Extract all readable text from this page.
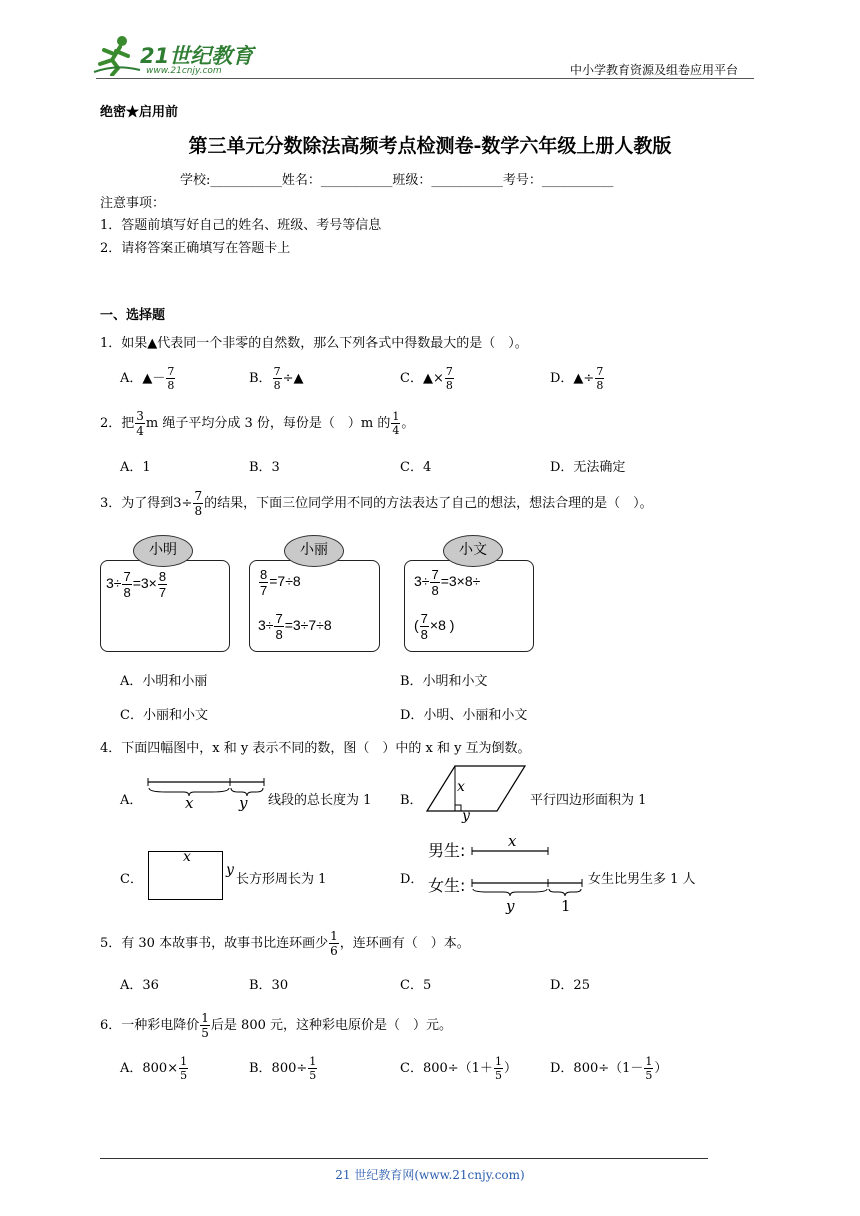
21世纪教育
www.21cnjy.com	中小学教育资源及组卷应用平台
绝密★启用前
第三单元分数除法高频考点检测卷-数学六年级上册人教版
学校:___________姓名：___________班级：___________考号：___________
注意事项：
1．答题前填写好自己的姓名、班级、考号等信息
2．请将答案正确填写在答题卡上
一、选择题
1．如果▲代表同一个非零的自然数，那么下列各式中得数最大的是（　）。
A．▲－ $\frac{7}{8}$	B． $\frac{7}{8}$ ÷▲	C．▲× $\frac{7}{8}$	D．▲÷ $\frac{7}{8}$
2．把 $\frac{3}{4}$ m 绳子平均分成 3 份，每份是（　）m 的 $\frac{1}{4}$ 。
A．1	B．3	C．4	D．无法确定
3．为了得到$3\div \frac{7}{8}$ 的结果，下面三位同学用不同的方法表达了自己的想法，想法合理的是（　）。
小明
$3\div \frac{7}{8} =3\times \frac{8}{7}$
小丽
$\frac{8}{7} =7\div 8$
$3\div \frac{7}{8} =3\div 7\div 8$
小文
$3\div \frac{7}{8} =3\times 8\div$
( $\frac{7}{8} \times 8$ )
A．小明和小丽	B．小明和小文
C．小丽和小文	D．小明、小丽和小文
4．下面四幅图中，x 和 y 表示不同的数，图（　）中的 x 和 y 互为倒数。
A．	x	y 线段的总长度为 1 B．
x
y
平行四边形面积为 1
C．
x
y
长方形周长为 1	D．
男生:
女生:
x
y	1
女生比男生多 1 人
5．有 30 本故事书，故事书比连环画少 $\frac{1}{6}$ ，连环画有（　）本。
A．36	B．30	C．5	D．25
6．一种彩电降价 $\frac{1}{5}$ 后是 800 元，这种彩电原价是（　）元。
A．$800\times \frac{1}{5}$	B．$800\div \frac{1}{5}$	C．$800\div(1+ \frac{1}{5}$ ）	D．$800\div(1- \frac{1}{5}$ ）
21 世纪教育网(www.21cnjy.com)
